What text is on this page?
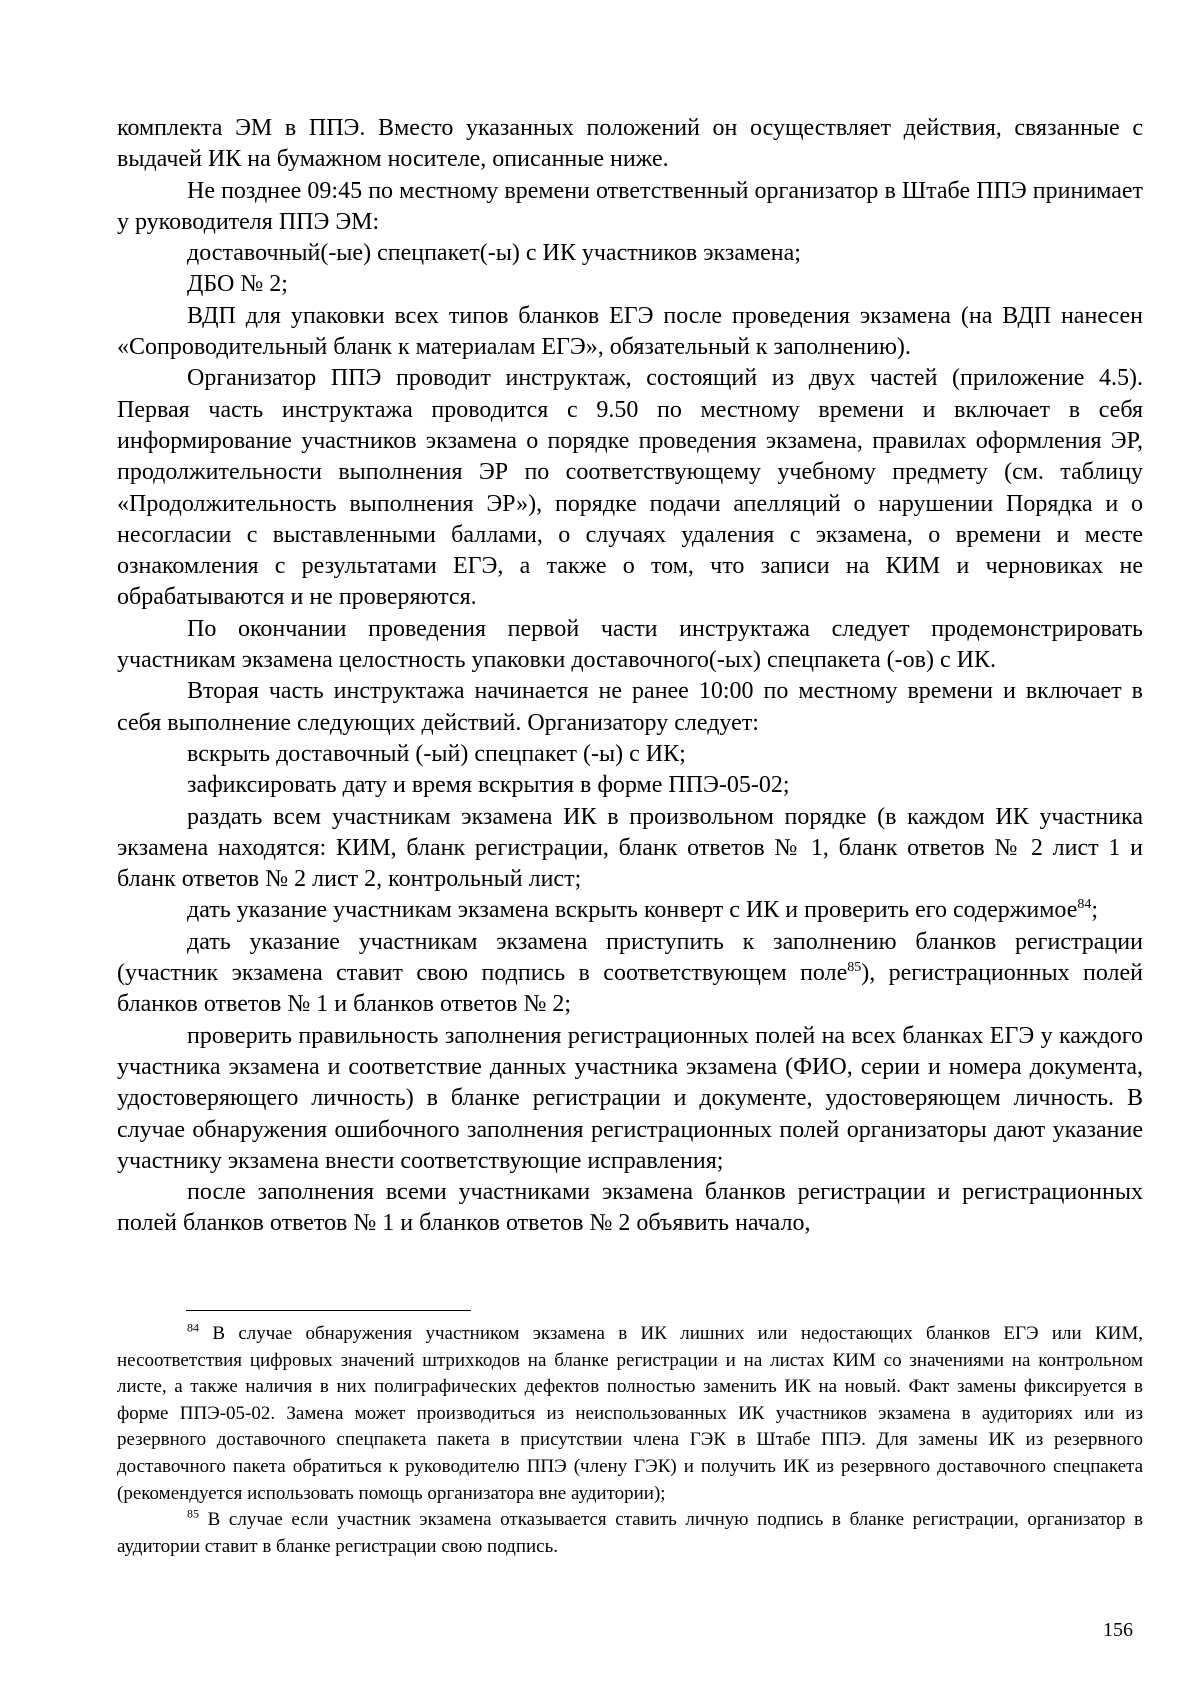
комплекта ЭМ в ППЭ. Вместо указанных положений он осуществляет действия, связанные с выдачей ИК на бумажном носителе, описанные ниже.

Не позднее 09:45 по местному времени ответственный организатор в Штабе ППЭ принимает у руководителя ППЭ ЭМ:

доставочный(-ые) спецпакет(-ы) с ИК участников экзамена;

ДБО № 2;

ВДП для упаковки всех типов бланков ЕГЭ после проведения экзамена (на ВДП нанесен «Сопроводительный бланк к материалам ЕГЭ», обязательный к заполнению).

Организатор ППЭ проводит инструктаж, состоящий из двух частей (приложение 4.5). Первая часть инструктажа проводится с 9.50 по местному времени и включает в себя информирование участников экзамена о порядке проведения экзамена, правилах оформления ЭР, продолжительности выполнения ЭР по соответствующему учебному предмету (см. таблицу «Продолжительность выполнения ЭР»), порядке подачи апелляций о нарушении Порядка и о несогласии с выставленными баллами, о случаях удаления с экзамена, о времени и месте ознакомления с результатами ЕГЭ, а также о том, что записи на КИМ и черновиках не обрабатываются и не проверяются.

По окончании проведения первой части инструктажа следует продемонстрировать участникам экзамена целостность упаковки доставочного(-ых) спецпакета (-ов) с ИК.

Вторая часть инструктажа начинается не ранее 10:00 по местному времени и включает в себя выполнение следующих действий. Организатору следует:

вскрыть доставочный (-ый) спецпакет (-ы) с ИК;

зафиксировать дату и время вскрытия в форме ППЭ-05-02;

раздать всем участникам экзамена ИК в произвольном порядке (в каждом ИК участника экзамена находятся: КИМ, бланк регистрации, бланк ответов № 1, бланк ответов № 2 лист 1 и бланк ответов № 2 лист 2, контрольный лист;

дать указание участникам экзамена вскрыть конверт с ИК и проверить его содержимое$^{84}$;

дать указание участникам экзамена приступить к заполнению бланков регистрации (участник экзамена ставит свою подпись в соответствующем поле$^{85}$), регистрационных полей бланков ответов № 1 и бланков ответов № 2;

проверить правильность заполнения регистрационных полей на всех бланках ЕГЭ у каждого участника экзамена и соответствие данных участника экзамена (ФИО, серии и номера документа, удостоверяющего личность) в бланке регистрации и документе, удостоверяющем личность. В случае обнаружения ошибочного заполнения регистрационных полей организаторы дают указание участнику экзамена внести соответствующие исправления;

после заполнения всеми участниками экзамена бланков регистрации и регистрационных полей бланков ответов № 1 и бланков ответов № 2 объявить начало,

$^{84}$ В случае обнаружения участником экзамена в ИК лишних или недостающих бланков ЕГЭ или КИМ, несоответствия цифровых значений штрихкодов на бланке регистрации и на листах КИМ со значениями на контрольном листе, а также наличия в них полиграфических дефектов полностью заменить ИК на новый. Факт замены фиксируется в форме ППЭ-05-02. Замена может производиться из неиспользованных ИК участников экзамена в аудиториях или из резервного доставочного спецпакета пакета в присутствии члена ГЭК в Штабе ППЭ. Для замены ИК из резервного доставочного пакета обратиться к руководителю ППЭ (члену ГЭК) и получить ИК из резервного доставочного спецпакета (рекомендуется использовать помощь организатора вне аудитории);

$^{85}$ В случае если участник экзамена отказывается ставить личную подпись в бланке регистрации, организатор в аудитории ставит в бланке регистрации свою подпись.

156
